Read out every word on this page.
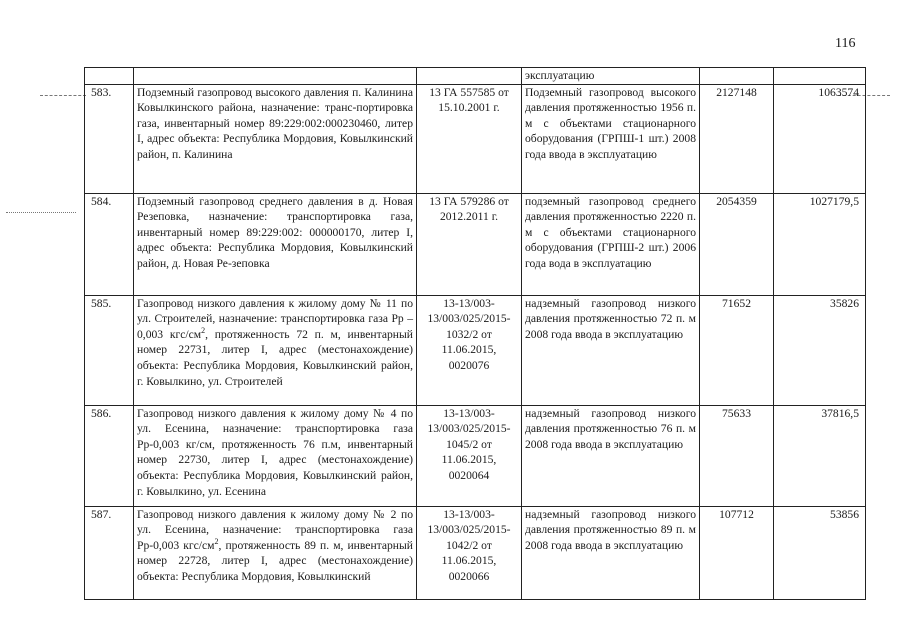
116
			эксплуатацию		
583.	Подземный газопровод высокого давления п. Калинина Ковылкинского района, назначение: транс-портировка газа, инвентарный номер 89:229:002:000230460, литер I, адрес объекта: Республика Мордовия, Ковылкинский район, п. Калинина	13 ГА 557585 от 15.10.2001 г.	Подземный газопровод высокого давления протяженностью 1956 п. м с объектами стационарного оборудования (ГРПШ-1 шт.) 2008 года ввода в эксплуатацию	2127148	1063574
584.	Подземный газопровод среднего давления в д. Новая Резеповка, назначение: транспортировка газа, инвентарный номер 89:229:002: 000000170, литер I, адрес объекта: Республика Мордовия, Ковылкинский район, д. Новая Ре-зеповка	13 ГА 579286 от 2012.2011 г.	подземный газопровод среднего давления протяженностью 2220 п. м с объектами стационарного оборудования (ГРПШ-2 шт.) 2006 года вода в эксплуатацию	2054359	1027179,5
585.	Газопровод низкого давления к жилому дому № 11 по ул. Строителей, назначение: транспортировка газа Рр – 0,003 кгс/$см^2$, протяженность 72 п. м, инвентарный номер 22731, литер I, адрес (местонахождение) объекта: Республика Мордовия, Ковылкинский район, г. Ковылкино, ул. Строителей	13-13/003-13/003/025/2015-1032/2 от 11.06.2015, 0020076	надземный газопровод низкого давления протяженностью 72 п. м 2008 года ввода в эксплуатацию	71652	35826
586.	Газопровод низкого давления к жилому дому № 4 по ул. Есенина, назначение: транспортировка газа Рр-0,003 кг/см, протяженность 76 п.м, инвентарный номер 22730, литер I, адрес (местонахождение) объекта: Республика Мордовия, Ковылкинский район, г. Ковылкино, ул. Есенина	13-13/003-13/003/025/2015-1045/2 от 11.06.2015, 0020064	надземный газопровод низкого давления протяженностью 76 п. м 2008 года ввода в эксплуатацию	75633	37816,5
587.	Газопровод низкого давления к жилому дому № 2 по ул. Есенина, назначение: транспортировка газа Рр-0,003 кгс/$см^2$, протяженность 89 п. м, инвентарный номер 22728, литер I, адрес (местонахождение) объекта: Республика Мордовия, Ковылкинский	13-13/003-13/003/025/2015-1042/2 от 11.06.2015, 0020066	надземный газопровод низкого давления протяженностью 89 п. м 2008 года ввода в эксплуатацию	107712	53856
